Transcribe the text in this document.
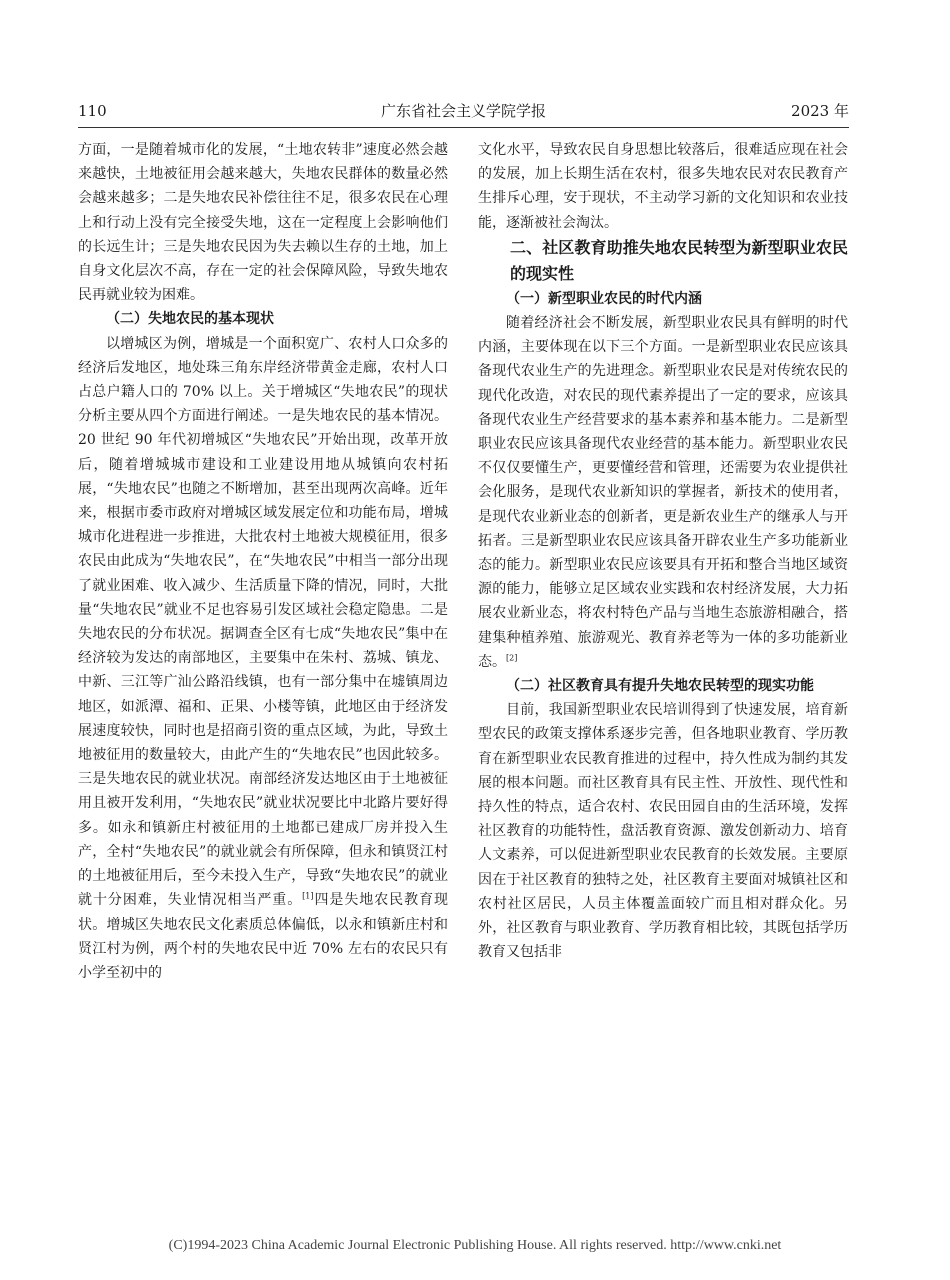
110	广东省社会主义学院学报	2023 年

方面，一是随着城市化的发展，“土地农转非”速度必然会越来越快，土地被征用会越来越大，失地农民群体的数量必然会越来越多；二是失地农民补偿往往不足，很多农民在心理上和行动上没有完全接受失地，这在一定程度上会影响他们的长远生计；三是失地农民因为失去赖以生存的土地，加上自身文化层次不高，存在一定的社会保障风险，导致失地农民再就业较为困难。

（二）失地农民的基本现状

以增城区为例，增城是一个面积宽广、农村人口众多的经济后发地区，地处珠三角东岸经济带黄金走廊，农村人口占总户籍人口的 70% 以上。关于增城区“失地农民”的现状分析主要从四个方面进行阐述。一是失地农民的基本情况。20 世纪 90 年代初增城区“失地农民”开始出现，改革开放后，随着增城城市建设和工业建设用地从城镇向农村拓展，“失地农民”也随之不断增加，甚至出现两次高峰。近年来，根据市委市政府对增城区域发展定位和功能布局，增城城市化进程进一步推进，大批农村土地被大规模征用，很多农民由此成为“失地农民”，在“失地农民”中相当一部分出现了就业困难、收入减少、生活质量下降的情况，同时，大批量“失地农民”就业不足也容易引发区域社会稳定隐患。二是失地农民的分布状况。据调查全区有七成“失地农民”集中在经济较为发达的南部地区，主要集中在朱村、荔城、镇龙、中新、三江等广汕公路沿线镇，也有一部分集中在墟镇周边地区，如派潭、福和、正果、小楼等镇，此地区由于经济发展速度较快，同时也是招商引资的重点区域，为此，导致土地被征用的数量较大，由此产生的“失地农民”也因此较多。三是失地农民的就业状况。南部经济发达地区由于土地被征用且被开发利用，“失地农民”就业状况要比中北路片要好得多。如永和镇新庄村被征用的土地都已建成厂房并投入生产，全村“失地农民”的就业就会有所保障，但永和镇贤江村的土地被征用后，至今未投入生产，导致“失地农民”的就业就十分困难，失业情况相当严重。[1]四是失地农民教育现状。增城区失地农民文化素质总体偏低，以永和镇新庄村和贤江村为例，两个村的失地农民中近 70% 左右的农民只有小学至初中的

文化水平，导致农民自身思想比较落后，很难适应现在社会的发展，加上长期生活在农村，很多失地农民对农民教育产生排斥心理，安于现状，不主动学习新的文化知识和农业技能，逐渐被社会淘汰。

二、社区教育助推失地农民转型为新型职业农民的现实性

（一）新型职业农民的时代内涵

随着经济社会不断发展，新型职业农民具有鲜明的时代内涵，主要体现在以下三个方面。一是新型职业农民应该具备现代农业生产的先进理念。新型职业农民是对传统农民的现代化改造，对农民的现代素养提出了一定的要求，应该具备现代农业生产经营要求的基本素养和基本能力。二是新型职业农民应该具备现代农业经营的基本能力。新型职业农民不仅仅要懂生产，更要懂经营和管理，还需要为农业提供社会化服务，是现代农业新知识的掌握者，新技术的使用者，是现代农业新业态的创新者，更是新农业生产的继承人与开拓者。三是新型职业农民应该具备开辟农业生产多功能新业态的能力。新型职业农民应该要具有开拓和整合当地区域资源的能力，能够立足区域农业实践和农村经济发展，大力拓展农业新业态，将农村特色产品与当地生态旅游相融合，搭建集种植养殖、旅游观光、教育养老等为一体的多功能新业态。[2]

（二）社区教育具有提升失地农民转型的现实功能

目前，我国新型职业农民培训得到了快速发展，培育新型农民的政策支撑体系逐步完善，但各地职业教育、学历教育在新型职业农民教育推进的过程中，持久性成为制约其发展的根本问题。而社区教育具有民主性、开放性、现代性和持久性的特点，适合农村、农民田园自由的生活环境，发挥社区教育的功能特性，盘活教育资源、激发创新动力、培育人文素养，可以促进新型职业农民教育的长效发展。主要原因在于社区教育的独特之处，社区教育主要面对城镇社区和农村社区居民，人员主体覆盖面较广而且相对群众化。另外，社区教育与职业教育、学历教育相比较，其既包括学历教育又包括非

(C)1994-2023 China Academic Journal Electronic Publishing House. All rights reserved. http://www.cnki.net
